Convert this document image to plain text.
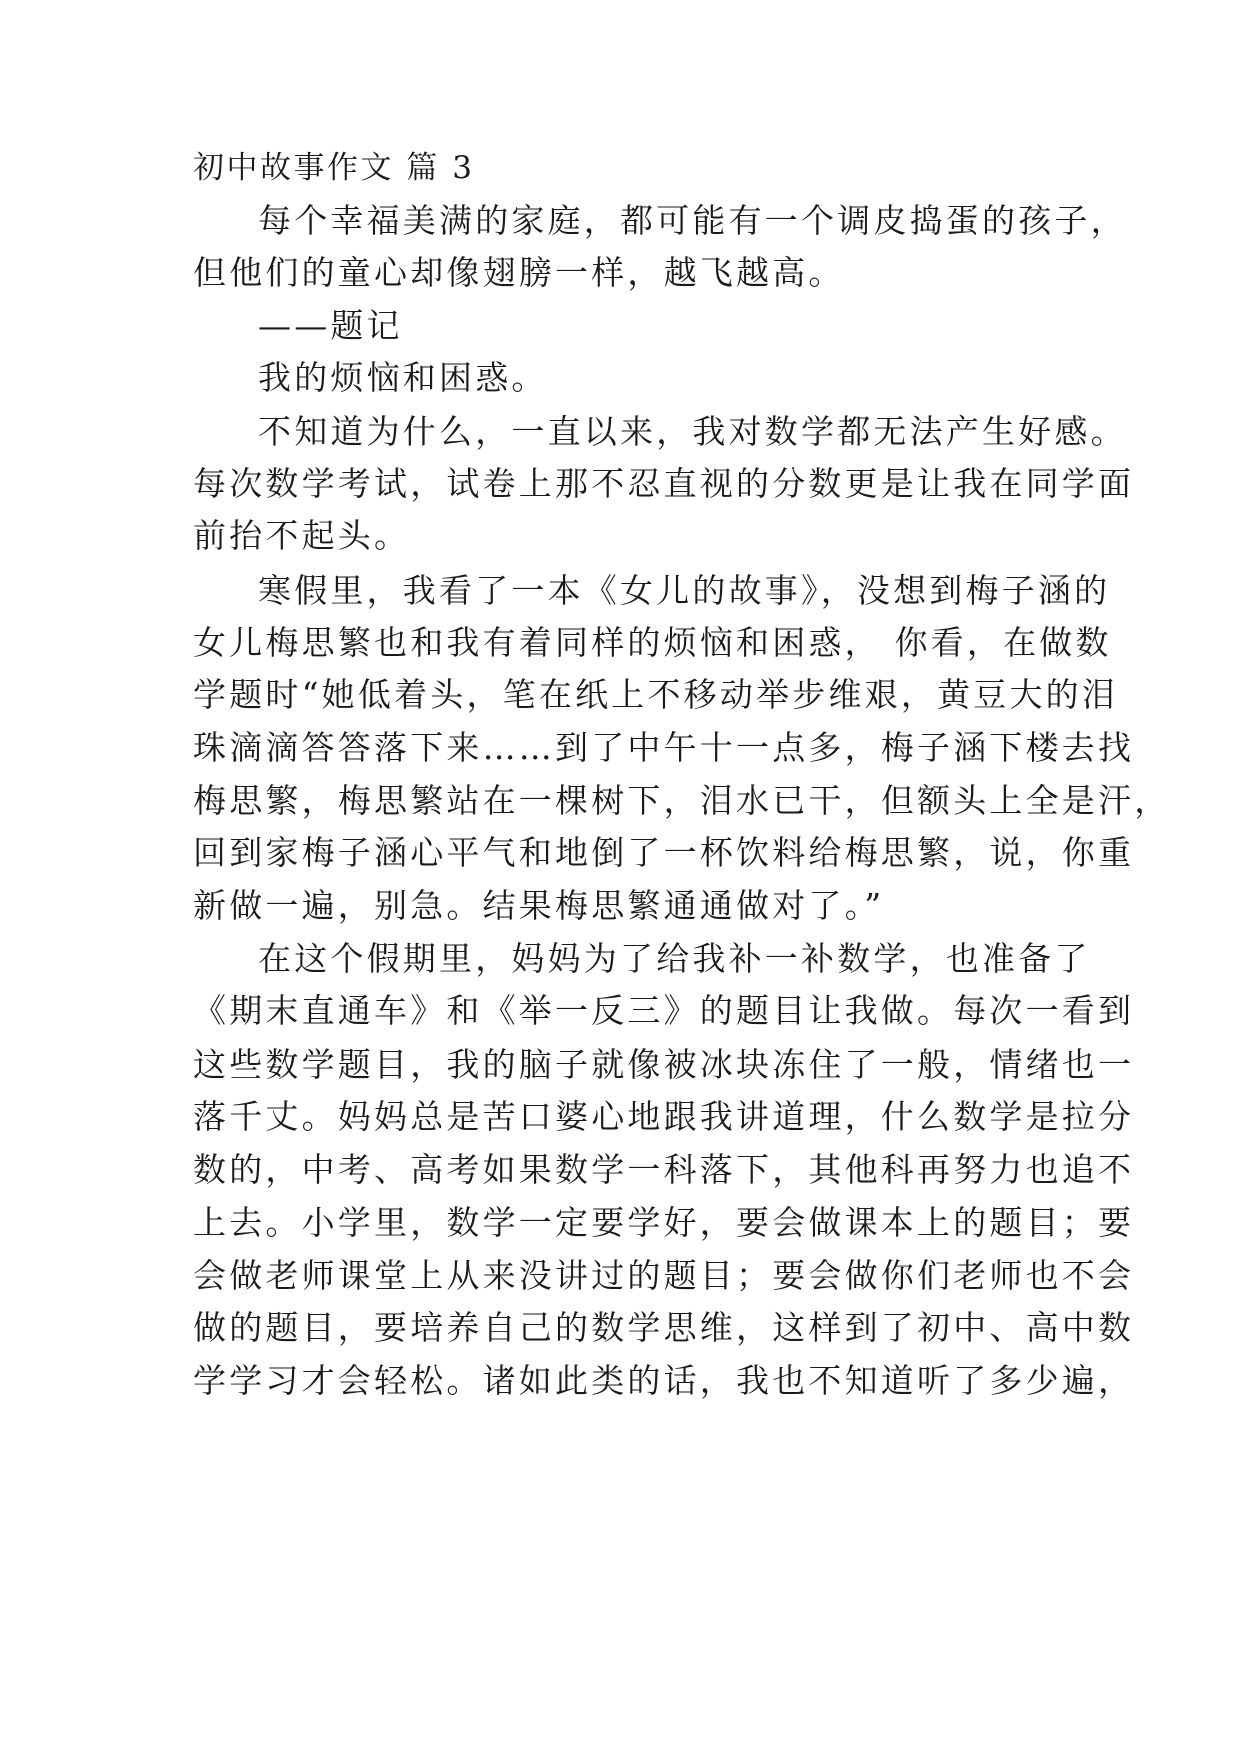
初中故事作文 篇 3
每个幸福美满的家庭，都可能有一个调皮捣蛋的孩子，
但他们的童心却像翅膀一样，越飞越高。
——题记
我的烦恼和困惑。
不知道为什么，一直以来，我对数学都无法产生好感。
每次数学考试，试卷上那不忍直视的分数更是让我在同学面
前抬不起头。
寒假里，我看了一本《女儿的故事》，没想到梅子涵的
女儿梅思繁也和我有着同样的烦恼和困惑， 你看，在做数
学题时“她低着头，笔在纸上不移动举步维艰，黄豆大的泪
珠滴滴答答落下来……到了中午十一点多，梅子涵下楼去找
梅思繁，梅思繁站在一棵树下，泪水已干，但额头上全是汗，
回到家梅子涵心平气和地倒了一杯饮料给梅思繁，说，你重
新做一遍，别急。结果梅思繁通通做对了。”
在这个假期里，妈妈为了给我补一补数学，也准备了
《期末直通车》和《举一反三》的题目让我做。每次一看到
这些数学题目，我的脑子就像被冰块冻住了一般，情绪也一
落千丈。妈妈总是苦口婆心地跟我讲道理，什么数学是拉分
数的，中考、高考如果数学一科落下，其他科再努力也追不
上去。小学里，数学一定要学好，要会做课本上的题目；要
会做老师课堂上从来没讲过的题目；要会做你们老师也不会
做的题目，要培养自己的数学思维，这样到了初中、高中数
学学习才会轻松。诸如此类的话，我也不知道听了多少遍，
